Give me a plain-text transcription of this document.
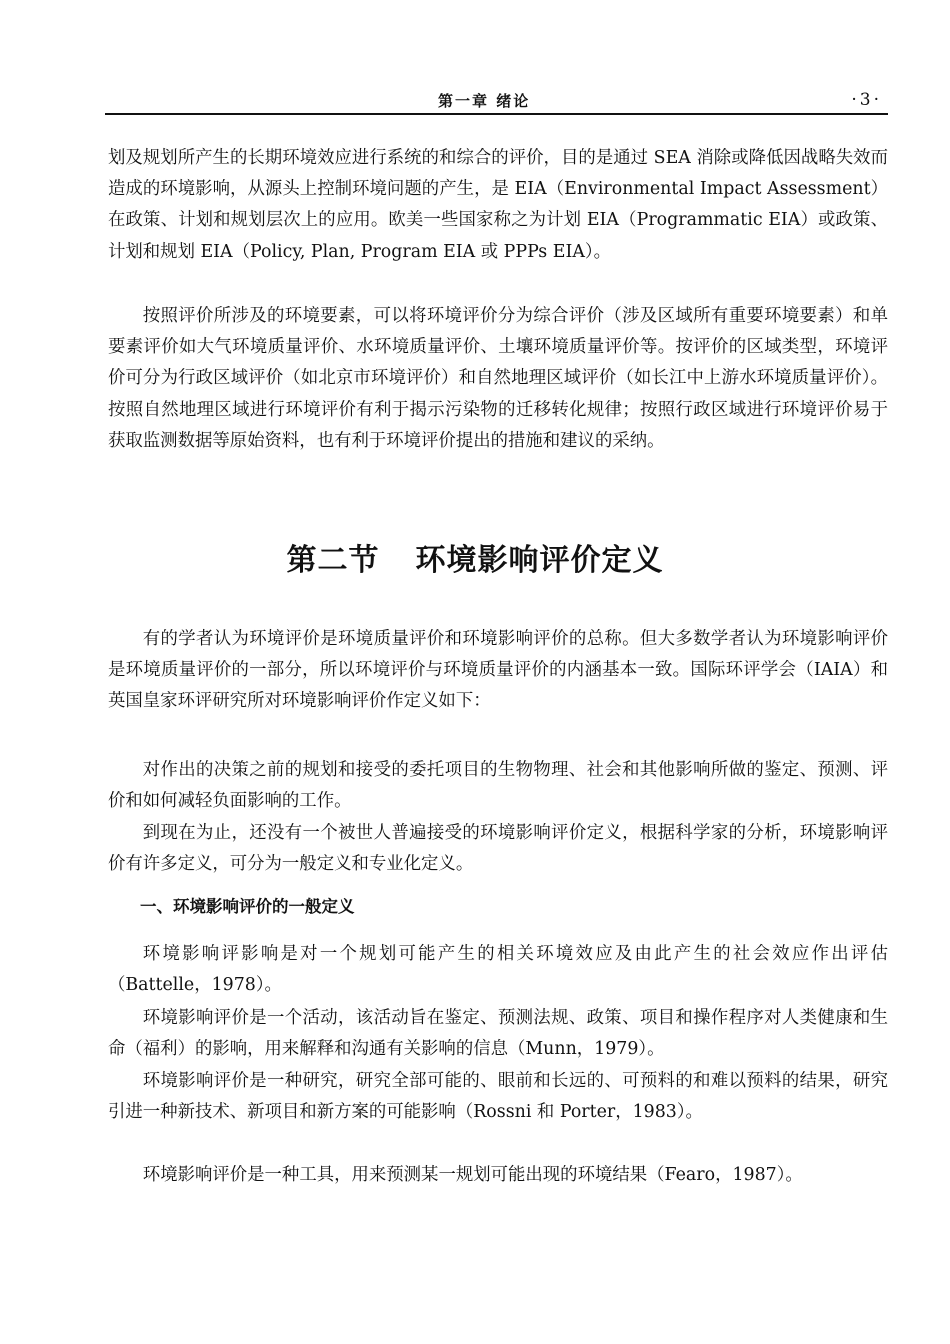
第一章 绪论	·3·

划及规划所产生的长期环境效应进行系统的和综合的评价，目的是通过 SEA 消除或降低因战略失效而造成的环境影响，从源头上控制环境问题的产生，是 EIA（Environmental Impact Assessment）在政策、计划和规划层次上的应用。欧美一些国家称之为计划 EIA（Programmatic EIA）或政策、计划和规划 EIA（Policy, Plan, Program EIA 或 PPPs EIA）。

按照评价所涉及的环境要素，可以将环境评价分为综合评价（涉及区域所有重要环境要素）和单要素评价如大气环境质量评价、水环境质量评价、土壤环境质量评价等。按评价的区域类型，环境评价可分为行政区域评价（如北京市环境评价）和自然地理区域评价（如长江中上游水环境质量评价）。按照自然地理区域进行环境评价有利于揭示污染物的迁移转化规律；按照行政区域进行环境评价易于获取监测数据等原始资料，也有利于环境评价提出的措施和建议的采纳。

第二节 环境影响评价定义

有的学者认为环境评价是环境质量评价和环境影响评价的总称。但大多数学者认为环境影响评价是环境质量评价的一部分，所以环境评价与环境质量评价的内涵基本一致。国际环评学会（IAIA）和英国皇家环评研究所对环境影响评价作定义如下：

对作出的决策之前的规划和接受的委托项目的生物物理、社会和其他影响所做的鉴定、预测、评价和如何减轻负面影响的工作。

到现在为止，还没有一个被世人普遍接受的环境影响评价定义，根据科学家的分析，环境影响评价有许多定义，可分为一般定义和专业化定义。

一、环境影响评价的一般定义

环境影响评影响是对一个规划可能产生的相关环境效应及由此产生的社会效应作出评估（Battelle，1978）。

环境影响评价是一个活动，该活动旨在鉴定、预测法规、政策、项目和操作程序对人类健康和生命（福利）的影响，用来解释和沟通有关影响的信息（Munn，1979）。

环境影响评价是一种研究，研究全部可能的、眼前和长远的、可预料的和难以预料的结果，研究引进一种新技术、新项目和新方案的可能影响（Rossni 和 Porter，1983）。

环境影响评价是一种工具，用来预测某一规划可能出现的环境结果（Fearo，1987）。
